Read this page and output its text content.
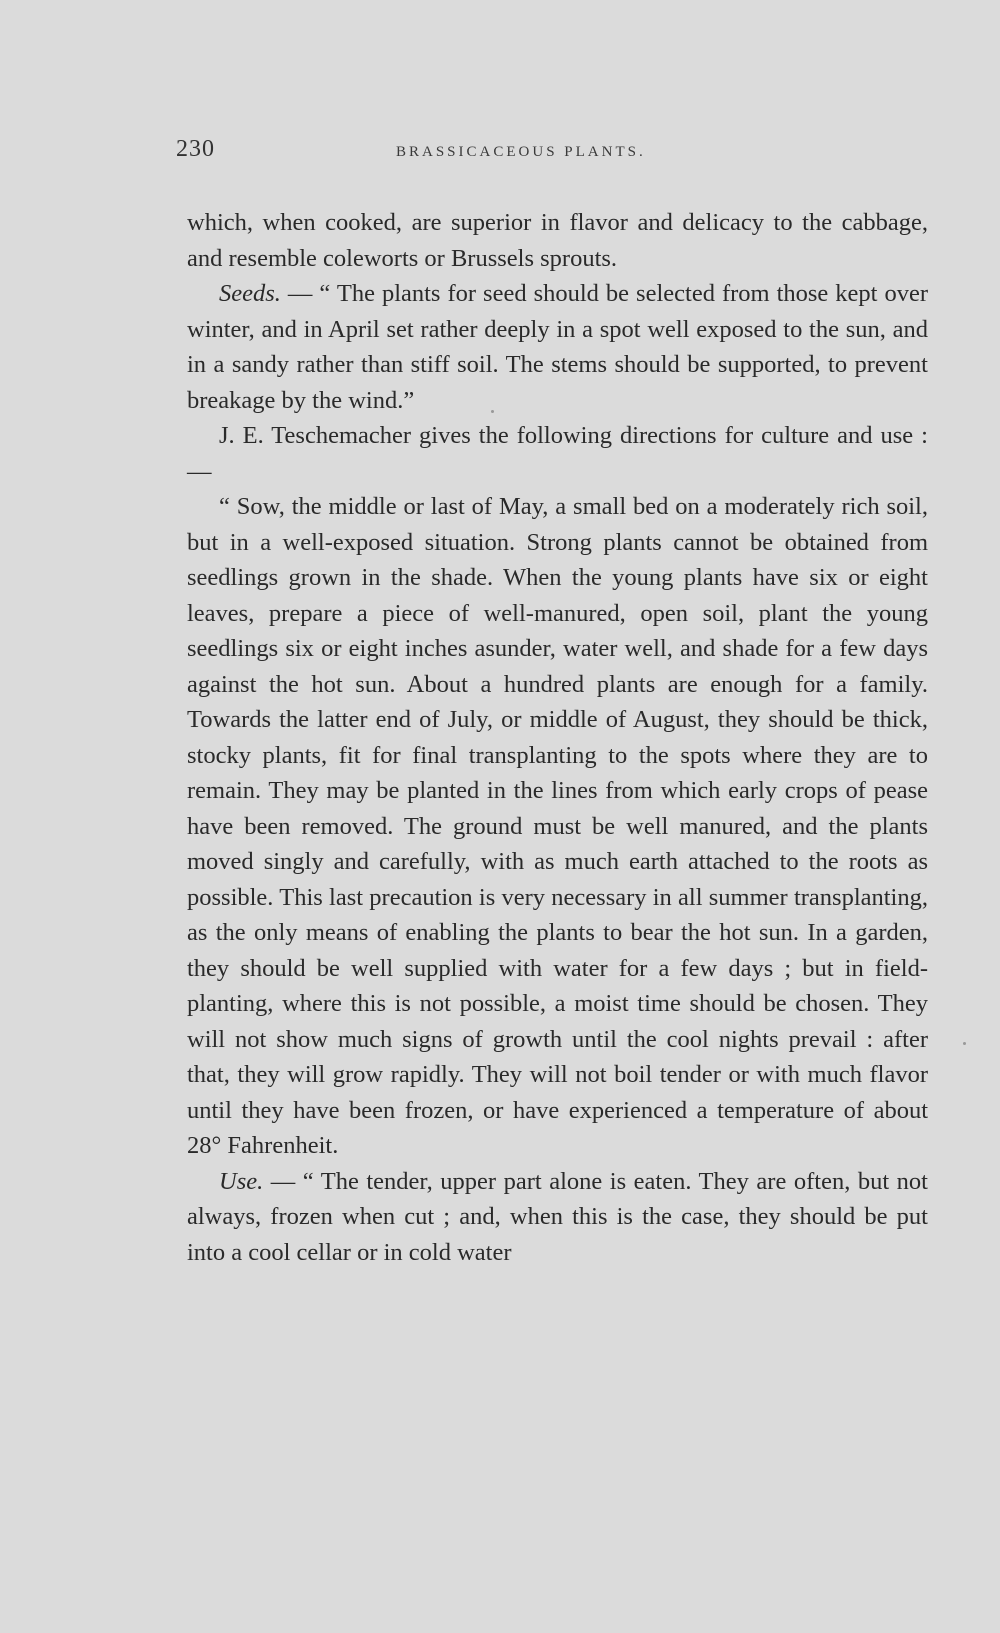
230	BRASSICACEOUS PLANTS.

which, when cooked, are superior in flavor and delicacy to the cabbage, and resemble coleworts or Brussels sprouts.

Seeds. — “ The plants for seed should be selected from those kept over winter, and in April set rather deeply in a spot well exposed to the sun, and in a sandy rather than stiff soil. The stems should be supported, to prevent breakage by the wind.”

J. E. Teschemacher gives the following directions for culture and use : —

“ Sow, the middle or last of May, a small bed on a moderately rich soil, but in a well-exposed situation. Strong plants cannot be obtained from seedlings grown in the shade. When the young plants have six or eight leaves, prepare a piece of well-manured, open soil, plant the young seedlings six or eight inches asunder, water well, and shade for a few days against the hot sun. About a hundred plants are enough for a family. Towards the latter end of July, or middle of August, they should be thick, stocky plants, fit for final transplanting to the spots where they are to remain. They may be planted in the lines from which early crops of pease have been removed. The ground must be well manured, and the plants moved singly and carefully, with as much earth attached to the roots as possible. This last precaution is very necessary in all summer transplanting, as the only means of enabling the plants to bear the hot sun. In a garden, they should be well supplied with water for a few days ; but in field-planting, where this is not possible, a moist time should be chosen. They will not show much signs of growth until the cool nights prevail : after that, they will grow rapidly. They will not boil tender or with much flavor until they have been frozen, or have experienced a temperature of about 28° Fahrenheit.

Use. — “ The tender, upper part alone is eaten. They are often, but not always, frozen when cut ; and, when this is the case, they should be put into a cool cellar or in cold water
